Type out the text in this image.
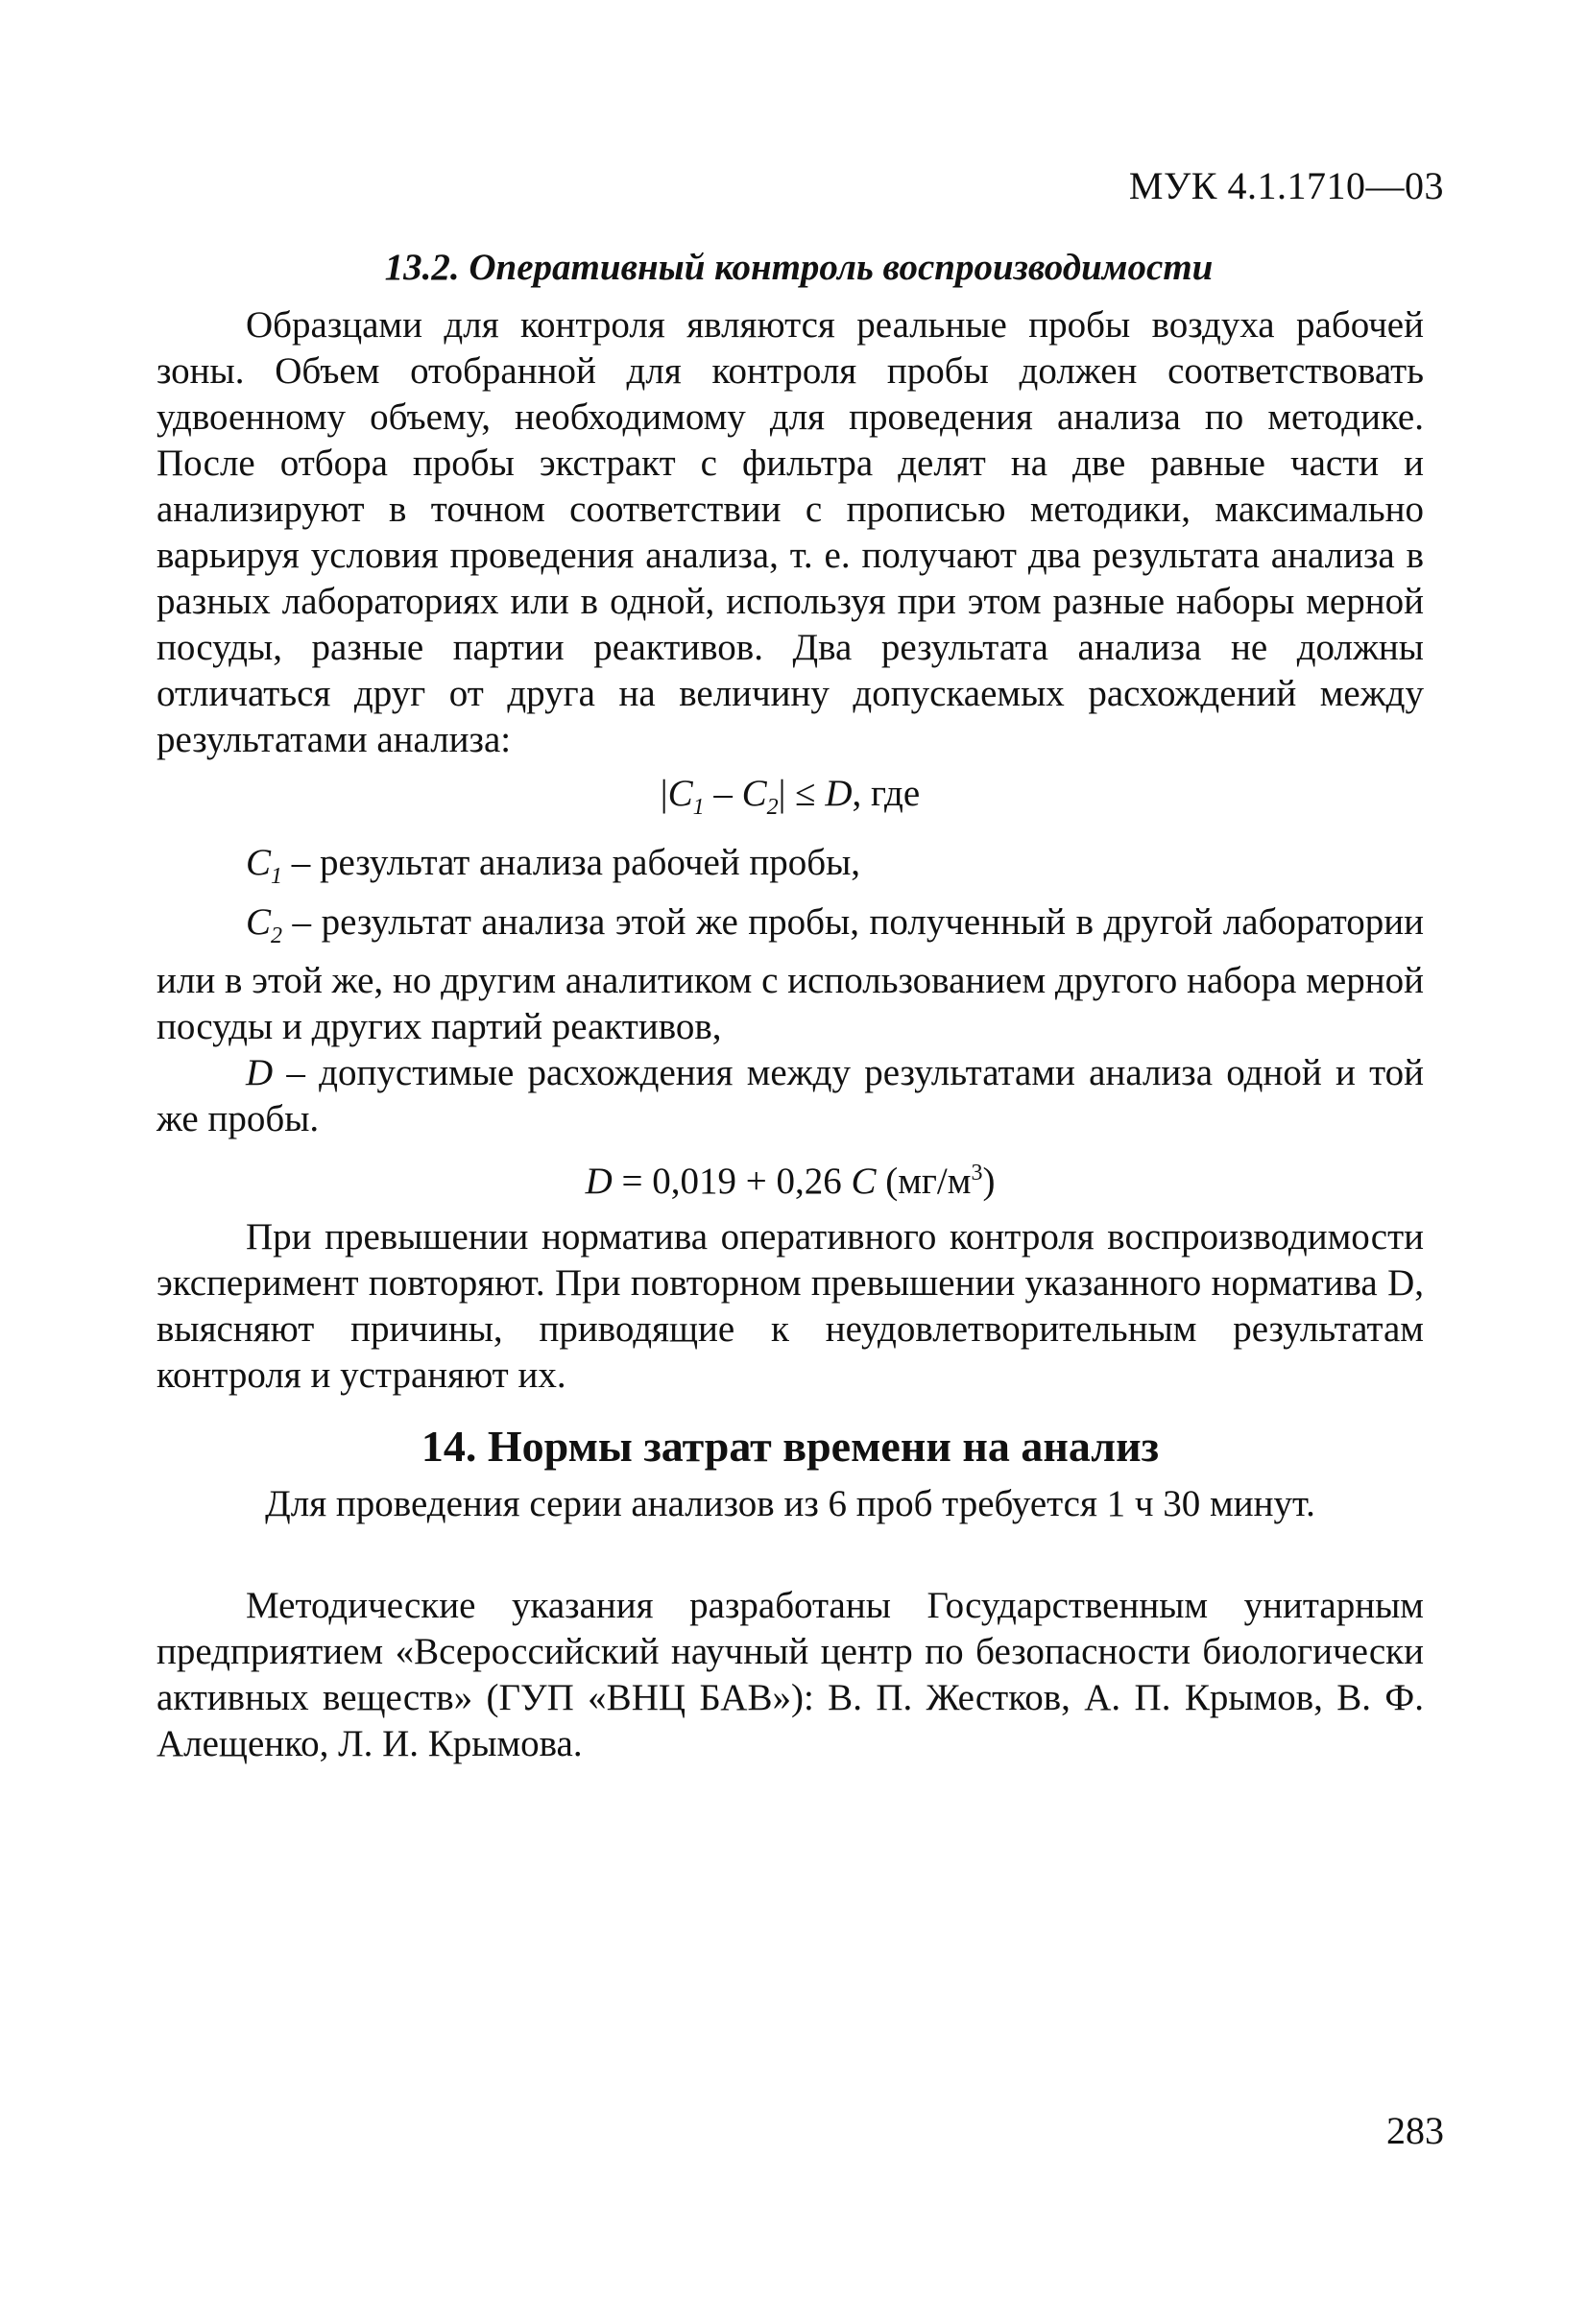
МУК 4.1.1710—03
13.2. Оперативный контроль воспроизводимости

Образцами для контроля являются реальные пробы воздуха рабочей зоны. Объем отобранной для контроля пробы должен соответствовать удвоенному объему, необходимому для проведения анализа по методике. После отбора пробы экстракт с фильтра делят на две равные части и анализируют в точном соответствии с прописью методики, максимально варьируя условия проведения анализа, т. е. получают два результата анализа в разных лабораториях или в одной, используя при этом разные наборы мерной посуды, разные партии реактивов. Два результата анализа не должны отличаться друг от друга на величину допускаемых расхождений между результатами анализа:

$|C_1 - C_2| \le D$, где

$C_1$ – результат анализа рабочей пробы,

$C_2$ – результат анализа этой же пробы, полученный в другой лаборатории или в этой же, но другим аналитиком с использованием другого набора мерной посуды и других партий реактивов,

D – допустимые расхождения между результатами анализа одной и той же пробы.

D = 0,019 + 0,26 C $(мг/м^3)$

При превышении норматива оперативного контроля воспроизводимости эксперимент повторяют. При повторном превышении указанного норматива D, выясняют причины, приводящие к неудовлетворительным результатам контроля и устраняют их.

14. Нормы затрат времени на анализ

Для проведения серии анализов из 6 проб требуется 1 ч 30 минут.

Методические указания разработаны Государственным унитарным предприятием «Всероссийский научный центр по безопасности биологически активных веществ» (ГУП «ВНЦ БАВ»): В. П. Жестков, А. П. Крымов, В. Ф. Алещенко, Л. И. Крымова.

283
